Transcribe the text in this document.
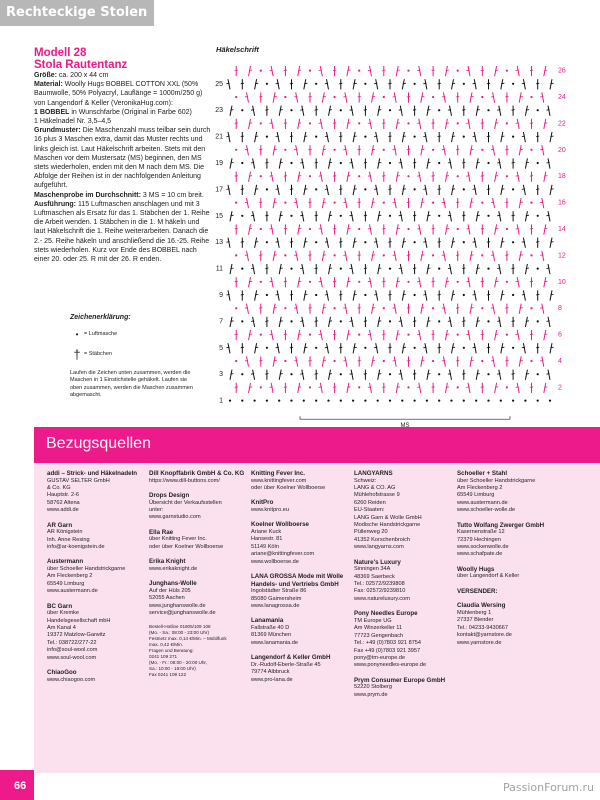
Rechteckige Stolen
Modell 28
Stola Rautentanz
Größe: ca. 200 x 44 cm
Material: Woolly Hugs BOBBEL COTTON XXL (50% Baumwolle, 50% Polyacryl, Lauflänge = 1000m/250 g) von Langendorf & Keller (VeronikaHug.com):
1 BOBBEL in Wunschfarbe (Original in Farbe 602)
1 Häkelnadel Nr. 3,5–4,5
Grundmuster: Die Maschenzahl muss teilbar sein durch 16 plus 3 Maschen extra, damit das Muster rechts und links gleich ist. Laut Häkelschrift arbeiten. Stets mit den Maschen vor dem Mustersatz (MS) beginnen, den MS stets wiederholen, enden mit den M nach dem MS. Die Abfolge der Reihen ist in der nachfolgenden Anleitung aufgeführt.
Maschenprobe im Durchschnitt: 3 MS = 10 cm breit.
Ausführung: 115 Luftmaschen anschlagen und mit 3 Luftmaschen als Ersatz für das 1. Stäbchen der 1. Reihe die Arbeit wenden. 1 Stäbchen in die 1. M häkeln und laut Häkelschrift die 1. Reihe weiterarbeiten. Danach die 2.- 25. Reihe häkeln und anschließend die 16.-25. Reihe stets wiederholen. Kurz vor Ende des BOBBEL nach einer 20. oder 25. R mit der 26. R enden.
Zeichenerklärung:
•	= Luftmasche
† = Stäbchen
Laufen die Zeichen unten zusammen, werden die Maschen in 1 Einstichstelle gehäkelt. Laufen sie oben zusammen, werden die Maschen zusammen abgemascht.
Häkelschrift
25
23
21
19
17
15
13
11
9
7
5
3
1
26
24
22
20
18
16
14
12
10
8
6
4
2
Bezugsquellen
addi – Strick- und Häkelnadeln
GUSTAV SELTER GmbH
& Co. KG
Hauptstr. 2-6
58762 Altena
www.addi.de
AR Garn
AR Königstein
Inh. Anne Resing
info@ar-koenigstein.de
Austermann
über Schoeller Handstrickgarne
Am Fleckenberg 2
65549 Limburg
www.austermann.de
BC Garn
über Kremke
Handelsgesellschaft mbH
Am Kanal 4
19372 Matzlow-Garwitz
Tel.: 038722/277-22
info@soul-wool.com
www.soul-wool.com
ChiaoGoo
www.chiaogoo.com
Dill Knopffabrik GmbH & Co. KG
https://www.dill-buttons.com/
Drops Design
Übersicht der Verkaufsstellen
unter:
www.garnstudio.com
Ella Rae
über Knitting Fever Inc.
oder über Koelner Wollboerse
Erika Knight
www.erikaknight.de
Junghans-Wolle
Auf der Hüls 205
52055 Aachen
www.junghanswolle.de
service@junghanswolle.de
Bestell-Hotline 01805/109 108
(Mo. - Sa.: 08:00 - 23:00 Uhr)
Festnetz max. 0,14 €/Min. – Mobilfunk
max. 0,42 €/Min.
Fragen und Beratung:
0241 109 271
(Mo. - Fr.: 08:00 - 20:00 Uhr,
Sa.: 10:00 - 16:00 Uhr)
Fax 0241 109 122
Knitting Fever Inc.
www.knittingfever.com
oder über Koelner Wollboerse
KnitPro
www.knitpro.eu
Koelner Wollboerse
Ariane Kuck
Hansestr. 81
51149 Köln
ariane@knittingfever.com
www.wollboerse.de
LANA GROSSA Mode mit Wolle Handels- und Vertriebs GmbH
Ingolstädter Straße 86
85080 Gaimersheim
www.lanagrossa.de
Lanamania
Fallstraße 40 D
81369 München
www.lanamania.de
Langendorf & Keller GmbH
Dr.-Rudolf-Eberle-Straße 45
79774 Albbruck
www.pro-lana.de
LANGYARNS
Schweiz:
LANG & CO. AG
Mühlehofstrasse 9
6260 Reiden
EU-Staaten:
LANG Garn & Wolle GmbH
Modische Handstrickgarne
Püllenweg 20
41352 Korschenbroich
www.langyarns.com
Nature's Luxury
Sinningen 34A
48369 Saerbeck
Tel.: 02572/9239808
Fax: 02572/9239810
www.natureluxury.com
Pony Needles Europe
TM Europe UG
Am Winzerkeller 11
77723 Gengenbach
Tel.: +49 (0)7803 921 8754
Fax +49 (0)7803 921 3957
pony@tm-europe.de
www.ponyneedles-europe.de
Prym Consumer Europe GmbH
52220 Stolberg
www.prym.de
Schoeller + Stahl
über Schoeller Handstrickgarne
Am Fleckenberg 2
65549 Limburg
www.austermann.de
www.schoeller-wolle.de
Tutto Wolfang Zwerger GmbH
Kasernenstraße 12
72379 Hechingen
www.sockenwolle.de
www.schafpate.de
Woolly Hugs
über Langendorf & Keller
VERSENDER:
Claudia Wersing
Mühlenberg 1
27337 Blender
Tel.: 04233-9430667
kontakt@yarnstore.de
www.yarnstore.de
66	PassionForum.ru
